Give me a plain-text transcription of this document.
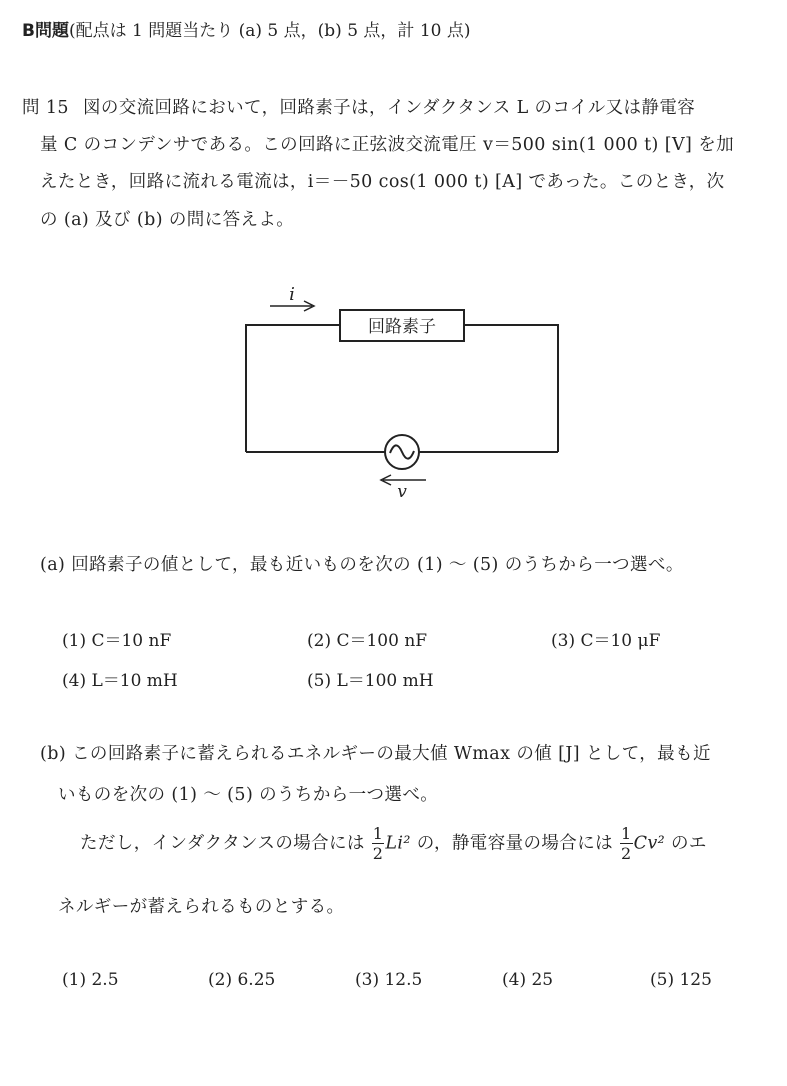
B問題(配点は 1 問題当たり (a) 5 点，(b) 5 点，計 10 点)
問 15 図の交流回路において，回路素子は，インダクタンス L のコイル又は静電容
量 C のコンデンサである。この回路に正弦波交流電圧 v＝500 sin(1 000 t) [V] を加
えたとき，回路に流れる電流は，i＝－50 cos(1 000 t) [A] であった。このとき，次
の (a) 及び (b) の問に答えよ。
回路素子
i
v
(a) 回路素子の値として，最も近いものを次の (1) ～ (5) のうちから一つ選べ。
(1) C＝10 nF	(2) C＝100 nF	(3) C＝10 μF
(4) L＝10 mH	(5) L＝100 mH
(b) この回路素子に蓄えられるエネルギーの最大値 Wmax の値 [J] として，最も近
いものを次の (1) ～ (5) のうちから一つ選べ。
ただし，インダクタンスの場合には $\frac{1}{2} Li^2$ の，静電容量の場合には $\frac{1}{2} Cv^2$ のエ
ネルギーが蓄えられるものとする。
(1) 2.5	(2) 6.25	(3) 12.5	(4) 25	(5) 125
